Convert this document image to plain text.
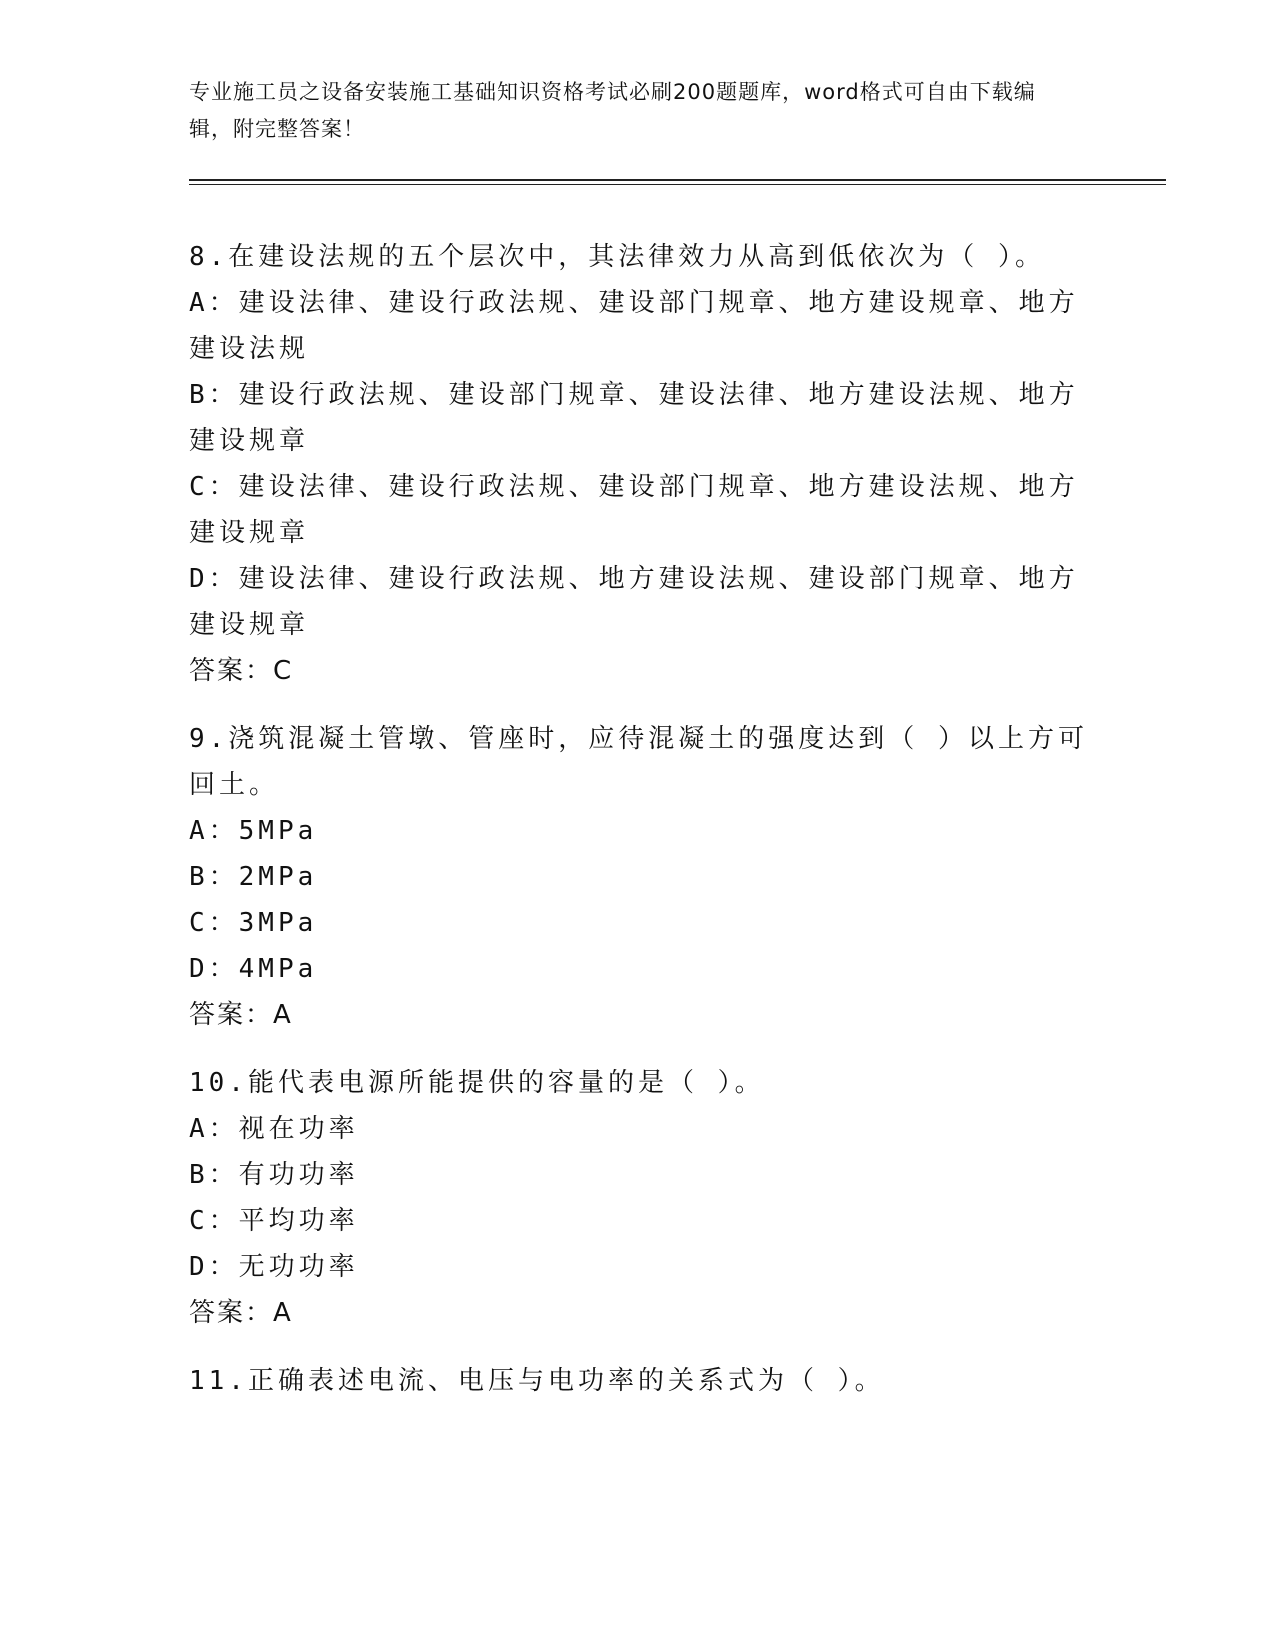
专业施工员之设备安装施工基础知识资格考试必刷200题题库，word格式可自由下载编辑，附完整答案！
8.在建设法规的五个层次中，其法律效力从高到低依次为（ ）。
A：建设法律、建设行政法规、建设部门规章、地方建设规章、地方建设法规
B：建设行政法规、建设部门规章、建设法律、地方建设法规、地方建设规章
C：建设法律、建设行政法规、建设部门规章、地方建设法规、地方建设规章
D：建设法律、建设行政法规、地方建设法规、建设部门规章、地方建设规章
答案：C
9.浇筑混凝土管墩、管座时，应待混凝土的强度达到（ ）以上方可回土。
A：5MPa
B：2MPa
C：3MPa
D：4MPa
答案：A
10.能代表电源所能提供的容量的是（ ）。
A：视在功率
B：有功功率
C：平均功率
D：无功功率
答案：A
11.正确表述电流、电压与电功率的关系式为（ ）。
